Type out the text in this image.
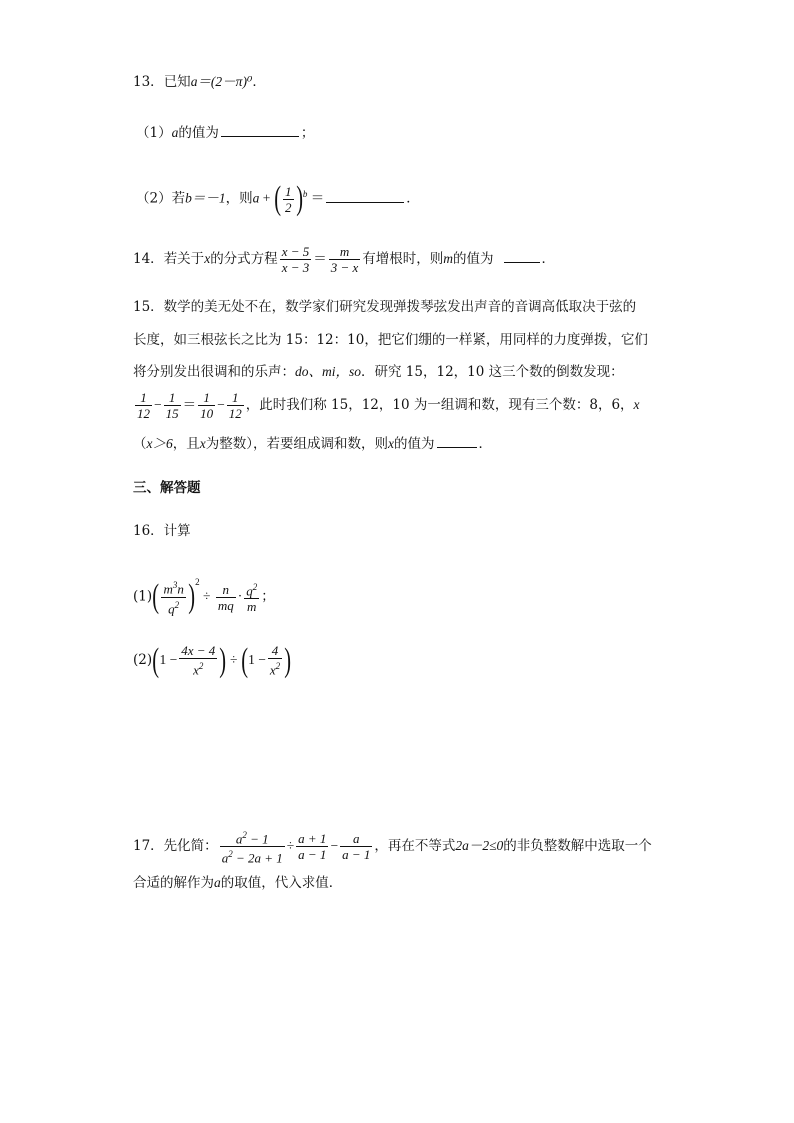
13．已知a＝(2－π)⁰．
（1）a的值为	；
（2）若b＝－1，则a + ( $\frac{1}{2} )^b$ ＝	．
14．若关于x的分式方程 $\frac{x - 5}{x - 3} = \frac{m}{3 - x}$ 有增根时，则m的值为	．
15．数学的美无处不在，数学家们研究发现弹拨琴弦发出声音的音调高低取决于弦的
长度，如三根弦长之比为 15：12：10，把它们绷的一样紧，用同样的力度弹拨，它们
将分别发出很调和的乐声：do、mi，so．研究 15，12，10 这三个数的倒数发现：
$\frac{1}{12} - \frac{1}{15} = \frac{1}{10} - \frac{1}{12}$ ，此时我们称 15，12，10 为一组调和数，现有三个数：8，6，x
（x＞6，且x为整数），若要组成调和数，则x的值为	．
三、解答题
16．计算
$(1)( \frac{m^3n}{q^2} )^2 \div \frac{n}{mq} \cdot \frac{q^2}{m}$ ；
$(2)(1 - \frac{4x - 4}{x^2}$ ) ÷ ($1 - \frac{4}{x^2}$ )
17．先化简： $\frac{a^2 - 1}{a^2 - 2a + 1} \div \frac{a + 1}{a - 1} - \frac{a}{a - 1}$ ，再在不等式2a－2≤0的非负整数解中选取一个
合适的解作为a的取值，代入求值．
